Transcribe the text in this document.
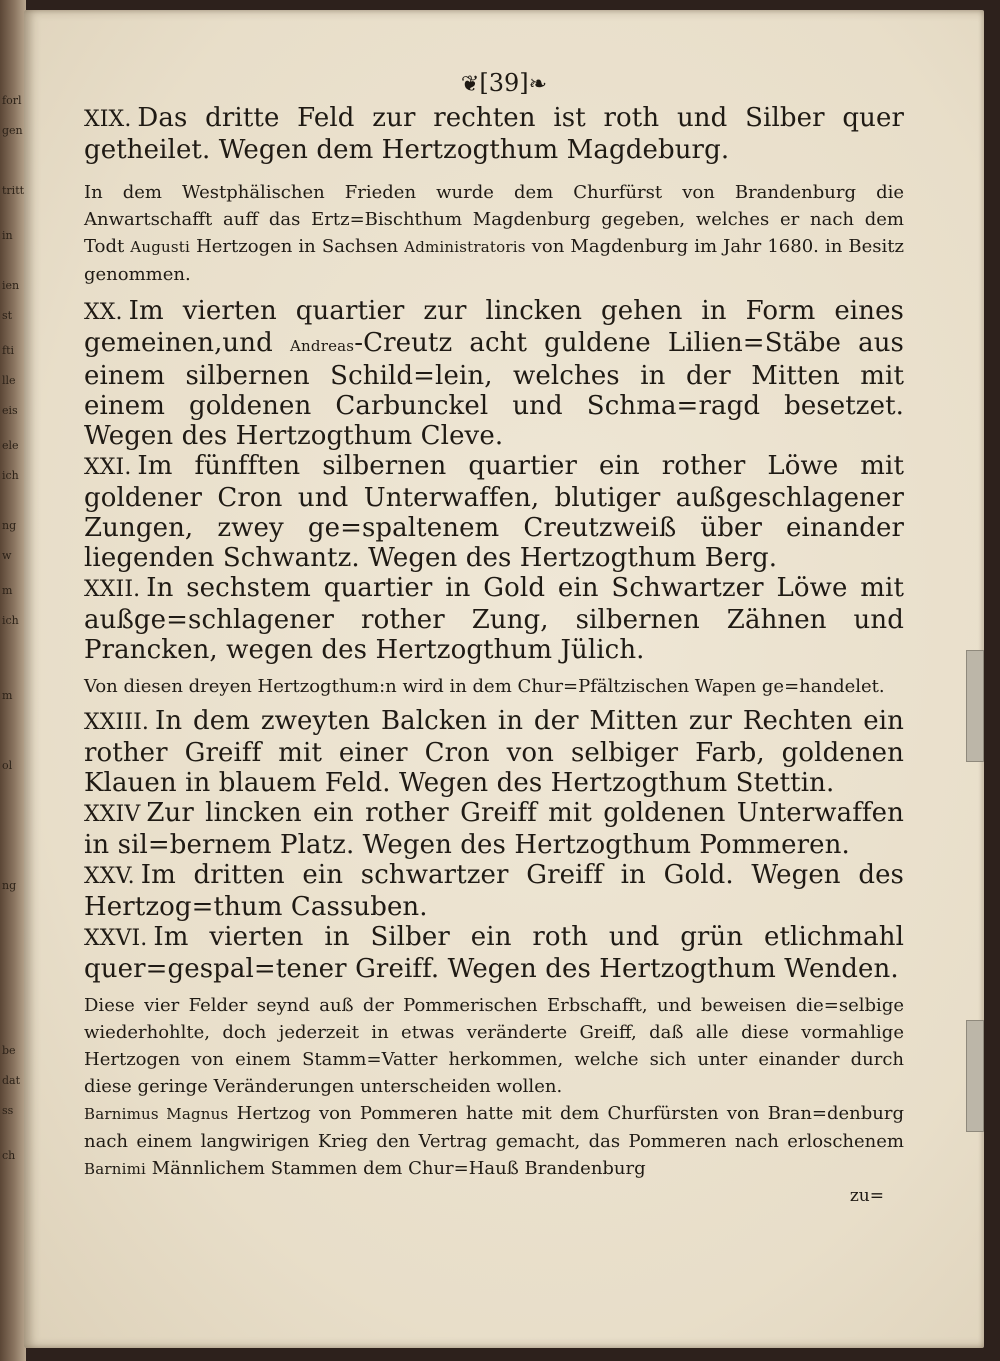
forl
gen
tritt
in
ien
st
fti
lle
eis
ele
ich
ng
w
m
ich
m
ol
ng
be
dat
ss
ch
❦[39]❧

XIX. Das dritte Feld zur rechten ist roth und Silber quer getheilet. Wegen dem Hertzogthum Magdeburg.

In dem Westphälischen Frieden wurde dem Churfürst von Brandenburg die Anwartschafft auff das Ertz=Bischthum Magdenburg gegeben, welches er nach dem Todt Augusti Hertzogen in Sachsen Administratoris von Magdenburg im Jahr 1680. in Besitz genommen.

XX. Im vierten quartier zur lincken gehen in Form eines gemeinen,und Andreas-Creutz acht guldene Lilien=Stäbe aus einem silbernen Schild=lein, welches in der Mitten mit einem goldenen Carbunckel und Schma=ragd besetzet. Wegen des Hertzogthum Cleve.

XXI. Im fünfften silbernen quartier ein rother Löwe mit goldener Cron und Unterwaffen, blutiger außgeschlagener Zungen, zwey ge=spaltenem Creutzweiß über einander liegenden Schwantz. Wegen des Hertzogthum Berg.

XXII. In sechstem quartier in Gold ein Schwartzer Löwe mit außge=schlagener rother Zung, silbernen Zähnen und Prancken, wegen des Hertzogthum Jülich.

Von diesen dreyen Hertzogthum:n wird in dem Chur=Pfältzischen Wapen ge=handelet.

XXIII. In dem zweyten Balcken in der Mitten zur Rechten ein rother Greiff mit einer Cron von selbiger Farb, goldenen Klauen in blauem Feld. Wegen des Hertzogthum Stettin.

XXIV Zur lincken ein rother Greiff mit goldenen Unterwaffen in sil=bernem Platz. Wegen des Hertzogthum Pommeren.

XXV. Im dritten ein schwartzer Greiff in Gold. Wegen des Hertzog=thum Cassuben.

XXVI. Im vierten in Silber ein roth und grün etlichmahl quer=gespal=tener Greiff. Wegen des Hertzogthum Wenden.

Diese vier Felder seynd auß der Pommerischen Erbschafft, und beweisen die=selbige wiederhohlte, doch jederzeit in etwas veränderte Greiff, daß alle diese vormahlige Hertzogen von einem Stamm=Vatter herkommen, welche sich unter einander durch diese geringe Veränderungen unterscheiden wollen.

Barnimus Magnus Hertzog von Pommeren hatte mit dem Churfürsten von Bran=denburg nach einem langwirigen Krieg den Vertrag gemacht, das Pommeren nach erloschenem Barnimi Männlichem Stammen dem Chur=Hauß Brandenburg

zu=
